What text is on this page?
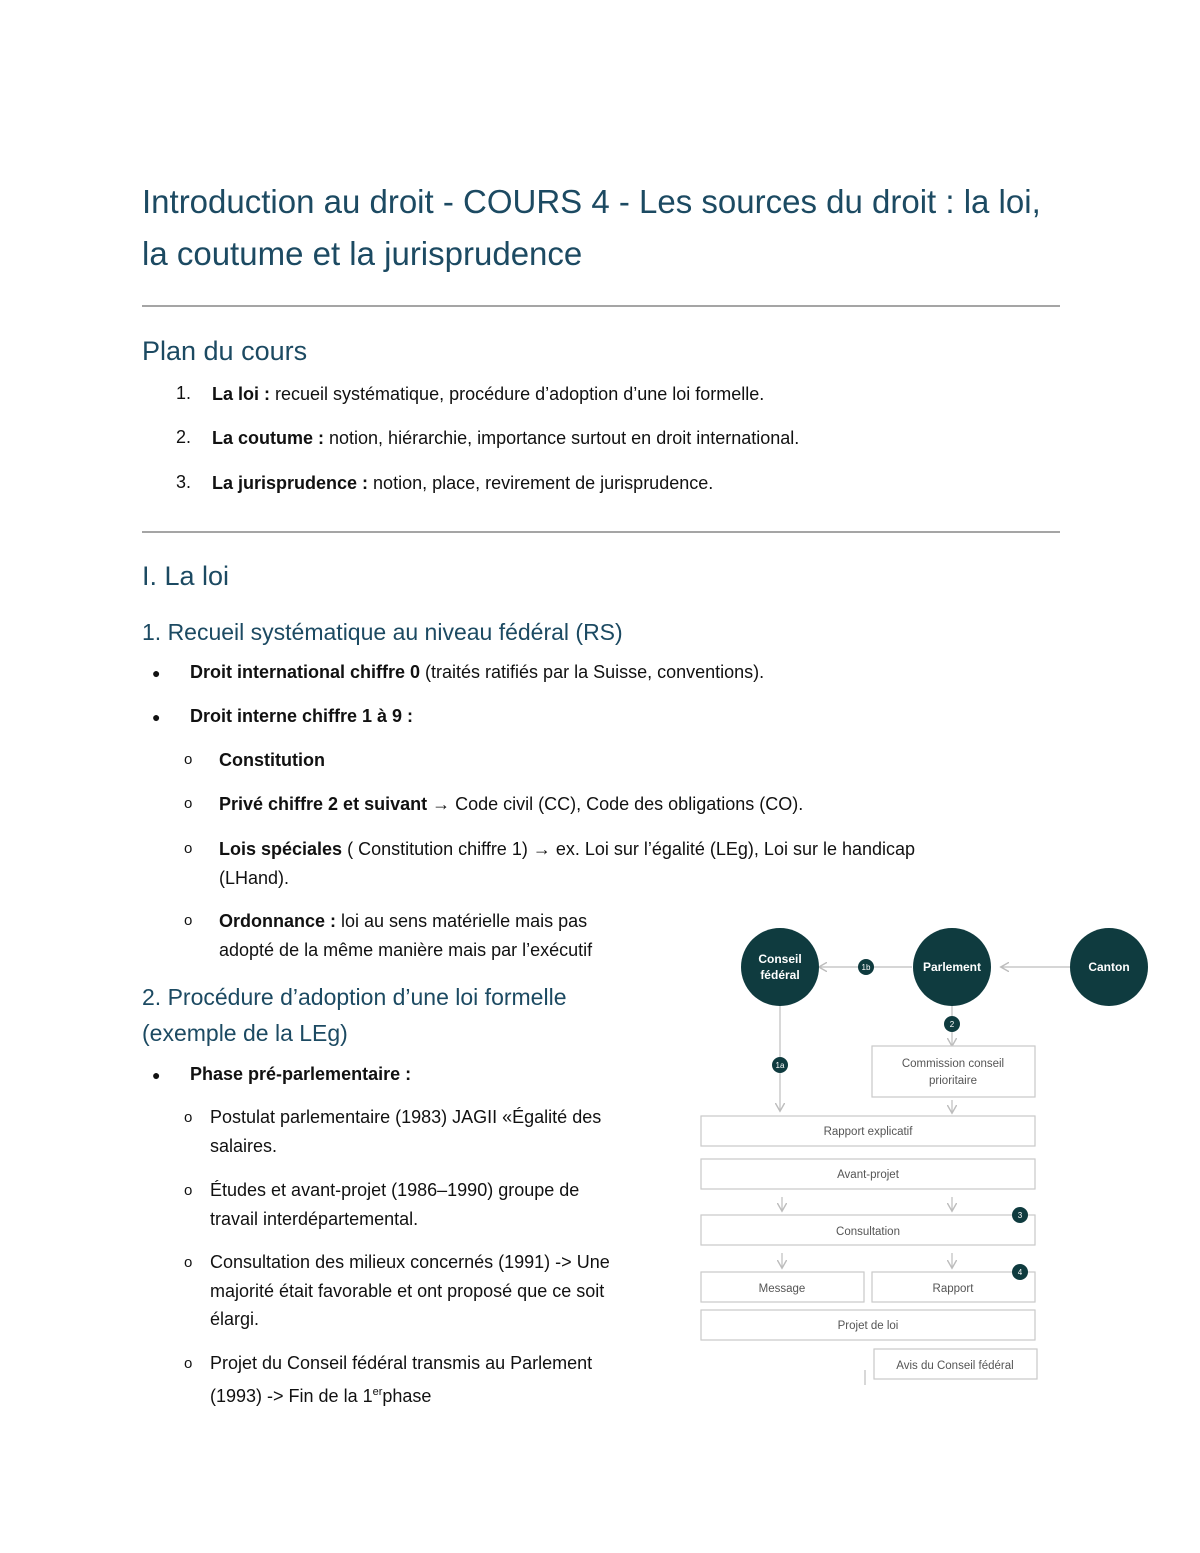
Introduction au droit - COURS 4 - Les sources du droit : la loi, la coutume et la jurisprudence
Plan du cours
1. La loi : recueil systématique, procédure d’adoption d’une loi formelle.
2. La coutume : notion, hiérarchie, importance surtout en droit international.
3. La jurisprudence : notion, place, revirement de jurisprudence.
I. La loi
1. Recueil systématique au niveau fédéral (RS)
● Droit international chiffre 0 (traités ratifiés par la Suisse, conventions).
● Droit interne chiffre 1 à 9 :
o Constitution
o Privé chiffre 2 et suivant → Code civil (CC), Code des obligations (CO).
o Lois spéciales ( Constitution chiffre 1) → ex. Loi sur l’égalité (LEg), Loi sur le handicap
(LHand).
o Ordonnance : loi au sens matérielle mais pas
adopté de la même manière mais par l’exécutif
2. Procédure d’adoption d’une loi formelle
(exemple de la LEg)
● Phase pré-parlementaire :
o Postulat parlementaire (1983) JAGII «Égalité des
salaires.
o Études et avant-projet (1986–1990) groupe de
travail interdépartemental.
o Consultation des milieux concernés (1991) -> Une
majorité était favorable et ont proposé que ce soit
élargi.
o Projet du Conseil fédéral transmis au Parlement
(1993) -> Fin de la 1erphase
Conseil
fédéral
Parlement	Canton
1b
2
1a	Commission conseil
prioritaire
Rapport explicatif
Avant-projet
Consultation
3
Message	Rapport
4
Projet de loi
Avis du Conseil fédéral
